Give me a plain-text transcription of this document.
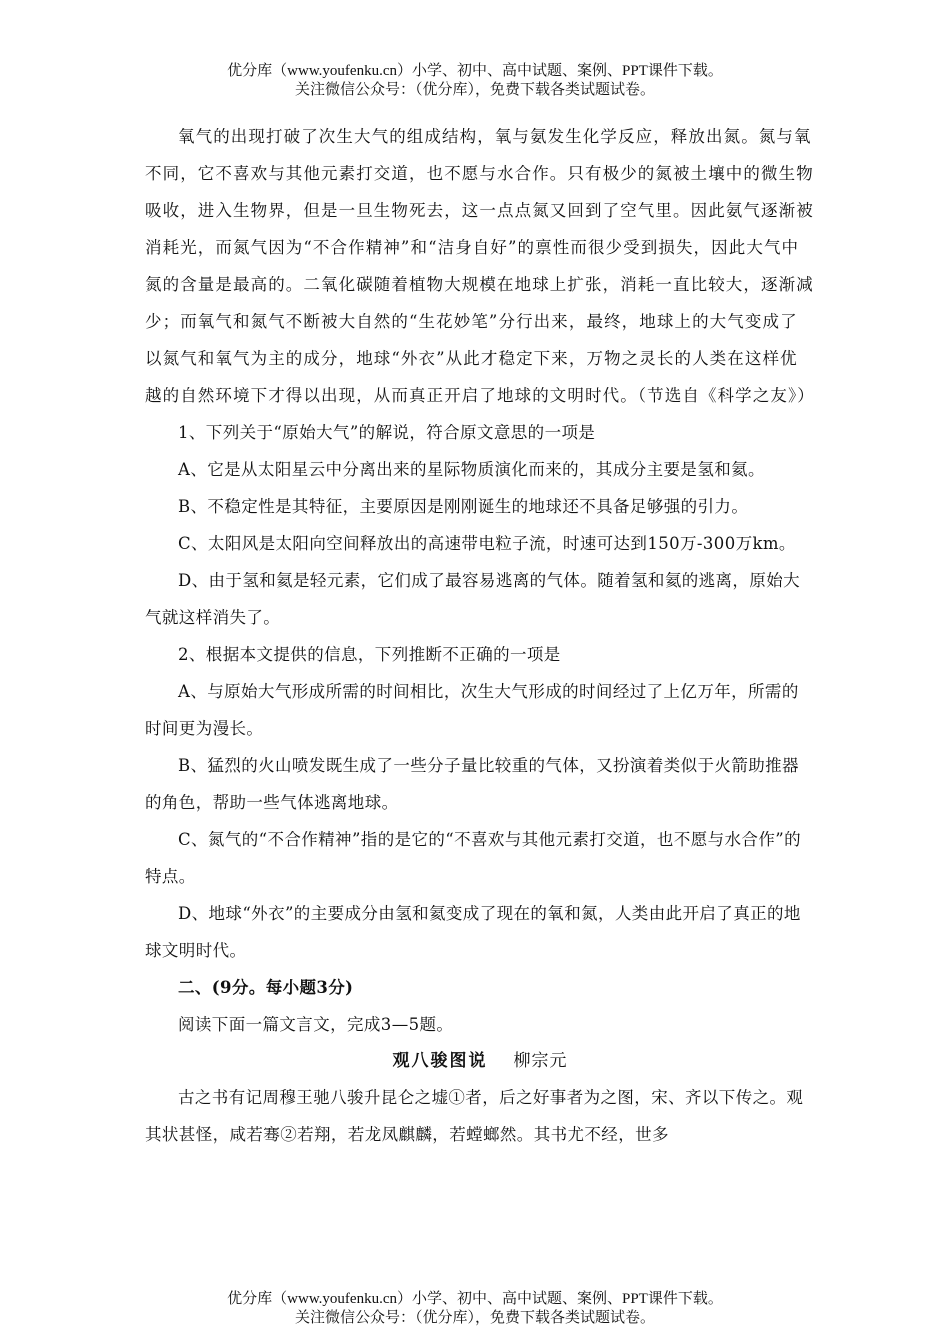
优分库（www.youfenku.cn）小学、初中、高中试题、案例、PPT课件下载。
关注微信公众号：（优分库），免费下载各类试题试卷。

氧气的出现打破了次生大气的组成结构，氧与氨发生化学反应，释放出氮。氮与氧不同，它不喜欢与其他元素打交道，也不愿与水合作。只有极少的氮被土壤中的微生物吸收，进入生物界，但是一旦生物死去，这一点点氮又回到了空气里。因此氨气逐渐被消耗光，而氮气因为“不合作精神”和“洁身自好”的禀性而很少受到损失，因此大气中氮的含量是最高的。二氧化碳随着植物大规模在地球上扩张，消耗一直比较大，逐渐减少；而氧气和氮气不断被大自然的“生花妙笔”分行出来，最终，地球上的大气变成了以氮气和氧气为主的成分，地球“外衣”从此才稳定下来，万物之灵长的人类在这样优越的自然环境下才得以出现，从而真正开启了地球的文明时代。（节选自《科学之友》）

1、下列关于“原始大气”的解说，符合原文意思的一项是

A、它是从太阳星云中分离出来的星际物质演化而来的，其成分主要是氢和氦。

B、不稳定性是其特征，主要原因是刚刚诞生的地球还不具备足够强的引力。

C、太阳风是太阳向空间释放出的高速带电粒子流，时速可达到150万-300万km。

D、由于氢和氦是轻元素，它们成了最容易逃离的气体。随着氢和氦的逃离，原始大气就这样消失了。

2、根据本文提供的信息，下列推断不正确的一项是

A、与原始大气形成所需的时间相比，次生大气形成的时间经过了上亿万年，所需的时间更为漫长。

B、猛烈的火山喷发既生成了一些分子量比较重的气体，又扮演着类似于火箭助推器的角色，帮助一些气体逃离地球。

C、氮气的“不合作精神”指的是它的“不喜欢与其他元素打交道，也不愿与水合作”的特点。

D、地球“外衣”的主要成分由氢和氦变成了现在的氧和氮，人类由此开启了真正的地球文明时代。

二、(9分。每小题3分)

阅读下面一篇文言文，完成3—5题。

观八骏图说 柳宗元

古之书有记周穆王驰八骏升昆仑之墟①者，后之好事者为之图，宋、齐以下传之。观其状甚怪，咸若骞②若翔，若龙凤麒麟，若螳螂然。其书尤不经，世多

优分库（www.youfenku.cn）小学、初中、高中试题、案例、PPT课件下载。
关注微信公众号：（优分库），免费下载各类试题试卷。
